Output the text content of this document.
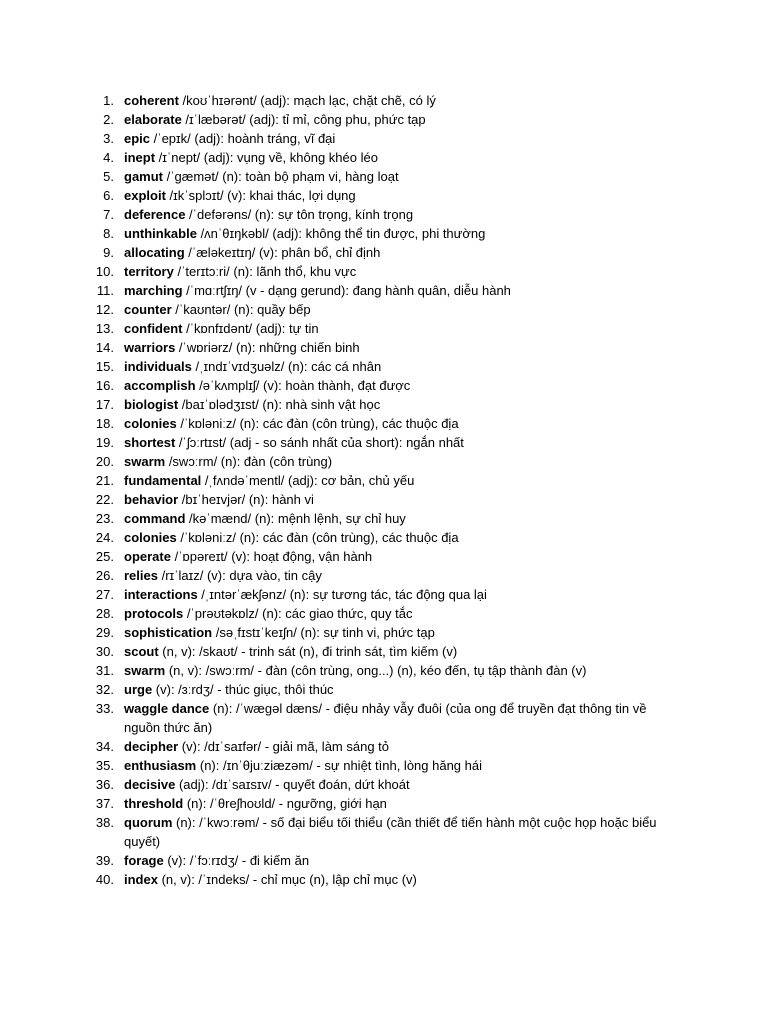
1. coherent /koʊˈhɪərənt/ (adj): mạch lạc, chặt chẽ, có lý
2. elaborate /ɪˈlæbərət/ (adj): tỉ mỉ, công phu, phức tạp
3. epic /ˈepɪk/ (adj): hoành tráng, vĩ đại
4. inept /ɪˈnept/ (adj): vụng về, không khéo léo
5. gamut /ˈɡæmət/ (n): toàn bộ phạm vi, hàng loạt
6. exploit /ɪkˈsplɔɪt/ (v): khai thác, lợi dụng
7. deference /ˈdefərəns/ (n): sự tôn trọng, kính trọng
8. unthinkable /ʌnˈθɪŋkəbl/ (adj): không thể tin được, phi thường
9. allocating /ˈæləkeɪtɪŋ/ (v): phân bổ, chỉ định
10. territory /ˈterɪtɔːri/ (n): lãnh thổ, khu vực
11. marching /ˈmɑːrtʃɪŋ/ (v - dạng gerund): đang hành quân, diễu hành
12. counter /ˈkaʊntər/ (n): quầy bếp
13. confident /ˈkɒnfɪdənt/ (adj): tự tin
14. warriors /ˈwɒriərz/ (n): những chiến binh
15. individuals /ˌɪndɪˈvɪdʒuəlz/ (n): các cá nhân
16. accomplish /əˈkʌmplɪʃ/ (v): hoàn thành, đạt được
17. biologist /baɪˈɒlədʒɪst/ (n): nhà sinh vật học
18. colonies /ˈkɒləniːz/ (n): các đàn (côn trùng), các thuộc địa
19. shortest /ˈʃɔːrtɪst/ (adj - so sánh nhất của short): ngắn nhất
20. swarm /swɔːrm/ (n): đàn (côn trùng)
21. fundamental /ˌfʌndəˈmentl/ (adj): cơ bản, chủ yếu
22. behavior /bɪˈheɪvjər/ (n): hành vi
23. command /kəˈmænd/ (n): mệnh lệnh, sự chỉ huy
24. colonies /ˈkɒləniːz/ (n): các đàn (côn trùng), các thuộc địa
25. operate /ˈɒpəreɪt/ (v): hoạt động, vận hành
26. relies /rɪˈlaɪz/ (v): dựa vào, tin cậy
27. interactions /ˌɪntərˈækʃənz/ (n): sự tương tác, tác động qua lại
28. protocols /ˈprəʊtəkɒlz/ (n): các giao thức, quy tắc
29. sophistication /səˌfɪstɪˈkeɪʃn/ (n): sự tinh vi, phức tạp
30. scout (n, v): /skaʊt/ - trinh sát (n), đi trinh sát, tìm kiếm (v)
31. swarm (n, v): /swɔːrm/ - đàn (côn trùng, ong...) (n), kéo đến, tụ tập thành đàn (v)
32. urge (v): /ɜːrdʒ/ - thúc giục, thôi thúc
33. waggle dance (n): /ˈwæɡəl dæns/ - điệu nhảy vẫy đuôi (của ong để truyền đạt thông tin về nguồn thức ăn)
34. decipher (v): /dɪˈsaɪfər/ - giải mã, làm sáng tỏ
35. enthusiasm (n): /ɪnˈθjuːziæzəm/ - sự nhiệt tình, lòng hăng hái
36. decisive (adj): /dɪˈsaɪsɪv/ - quyết đoán, dứt khoát
37. threshold (n): /ˈθreʃhoʊld/ - ngưỡng, giới hạn
38. quorum (n): /ˈkwɔːrəm/ - số đại biểu tối thiểu (cần thiết để tiến hành một cuộc họp hoặc biểu quyết)
39. forage (v): /ˈfɔːrɪdʒ/ - đi kiếm ăn
40. index (n, v): /ˈɪndeks/ - chỉ mục (n), lập chỉ mục (v)
